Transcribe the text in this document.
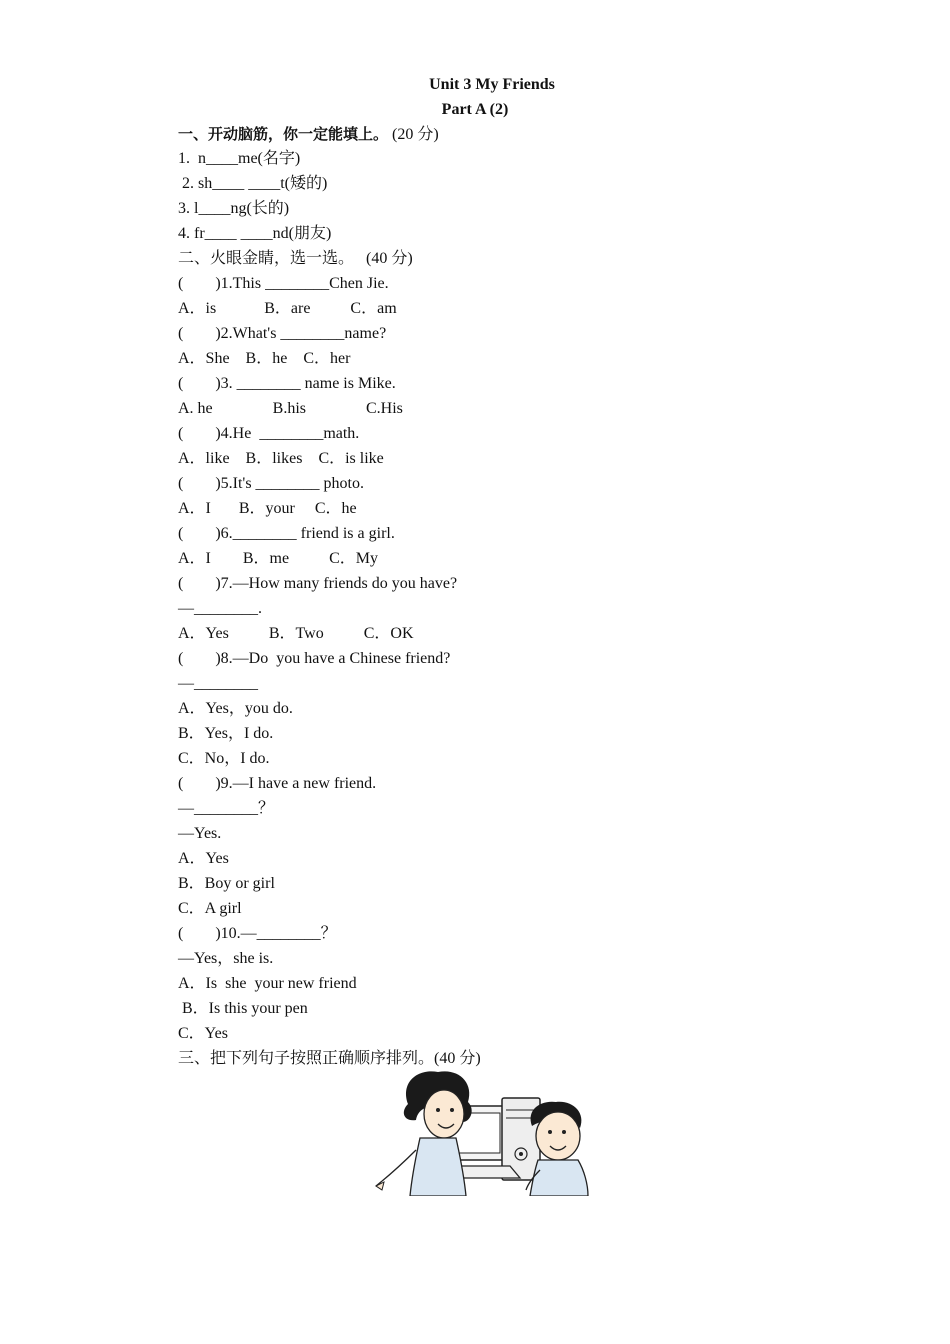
Unit 3 My Friends
Part A (2)
一、开动脑筋，你一定能填上。 (20 分)
1.  n____me(名字)
2. sh____ ____t(矮的)
3. l____ng(长的)
4. fr____ ____nd(朋友)
二、火眼金睛，选一选。   (40 分)
(        )1.This ________Chen Jie.
A．is            B．are          C．am
(        )2.What's ________name?
A．She    B．he    C．her
(        )3. ________ name is Mike.
A. he               B.his               C.His
(        )4.He  ________math.
A．like    B．likes    C．is like
(        )5.It's ________ photo.
A．I       B．your     C．he
(        )6.________ friend is a girl.
A．I        B．me          C．My
(        )7.—How many friends do you have?
—________.
A．Yes          B．Two          C．OK
(        )8.—Do  you have a Chinese friend?
—________
A．Yes，you do.
B．Yes，I do.
C．No，I do.
(        )9.—I have a new friend.
—________？
—Yes.
A．Yes
B．Boy or girl
C．A girl
(        )10.—________？
—Yes，she is.
A．Is  she  your new friend
B．Is this your pen
C．Yes
三、把下列句子按照正确顺序排列。(40 分)
